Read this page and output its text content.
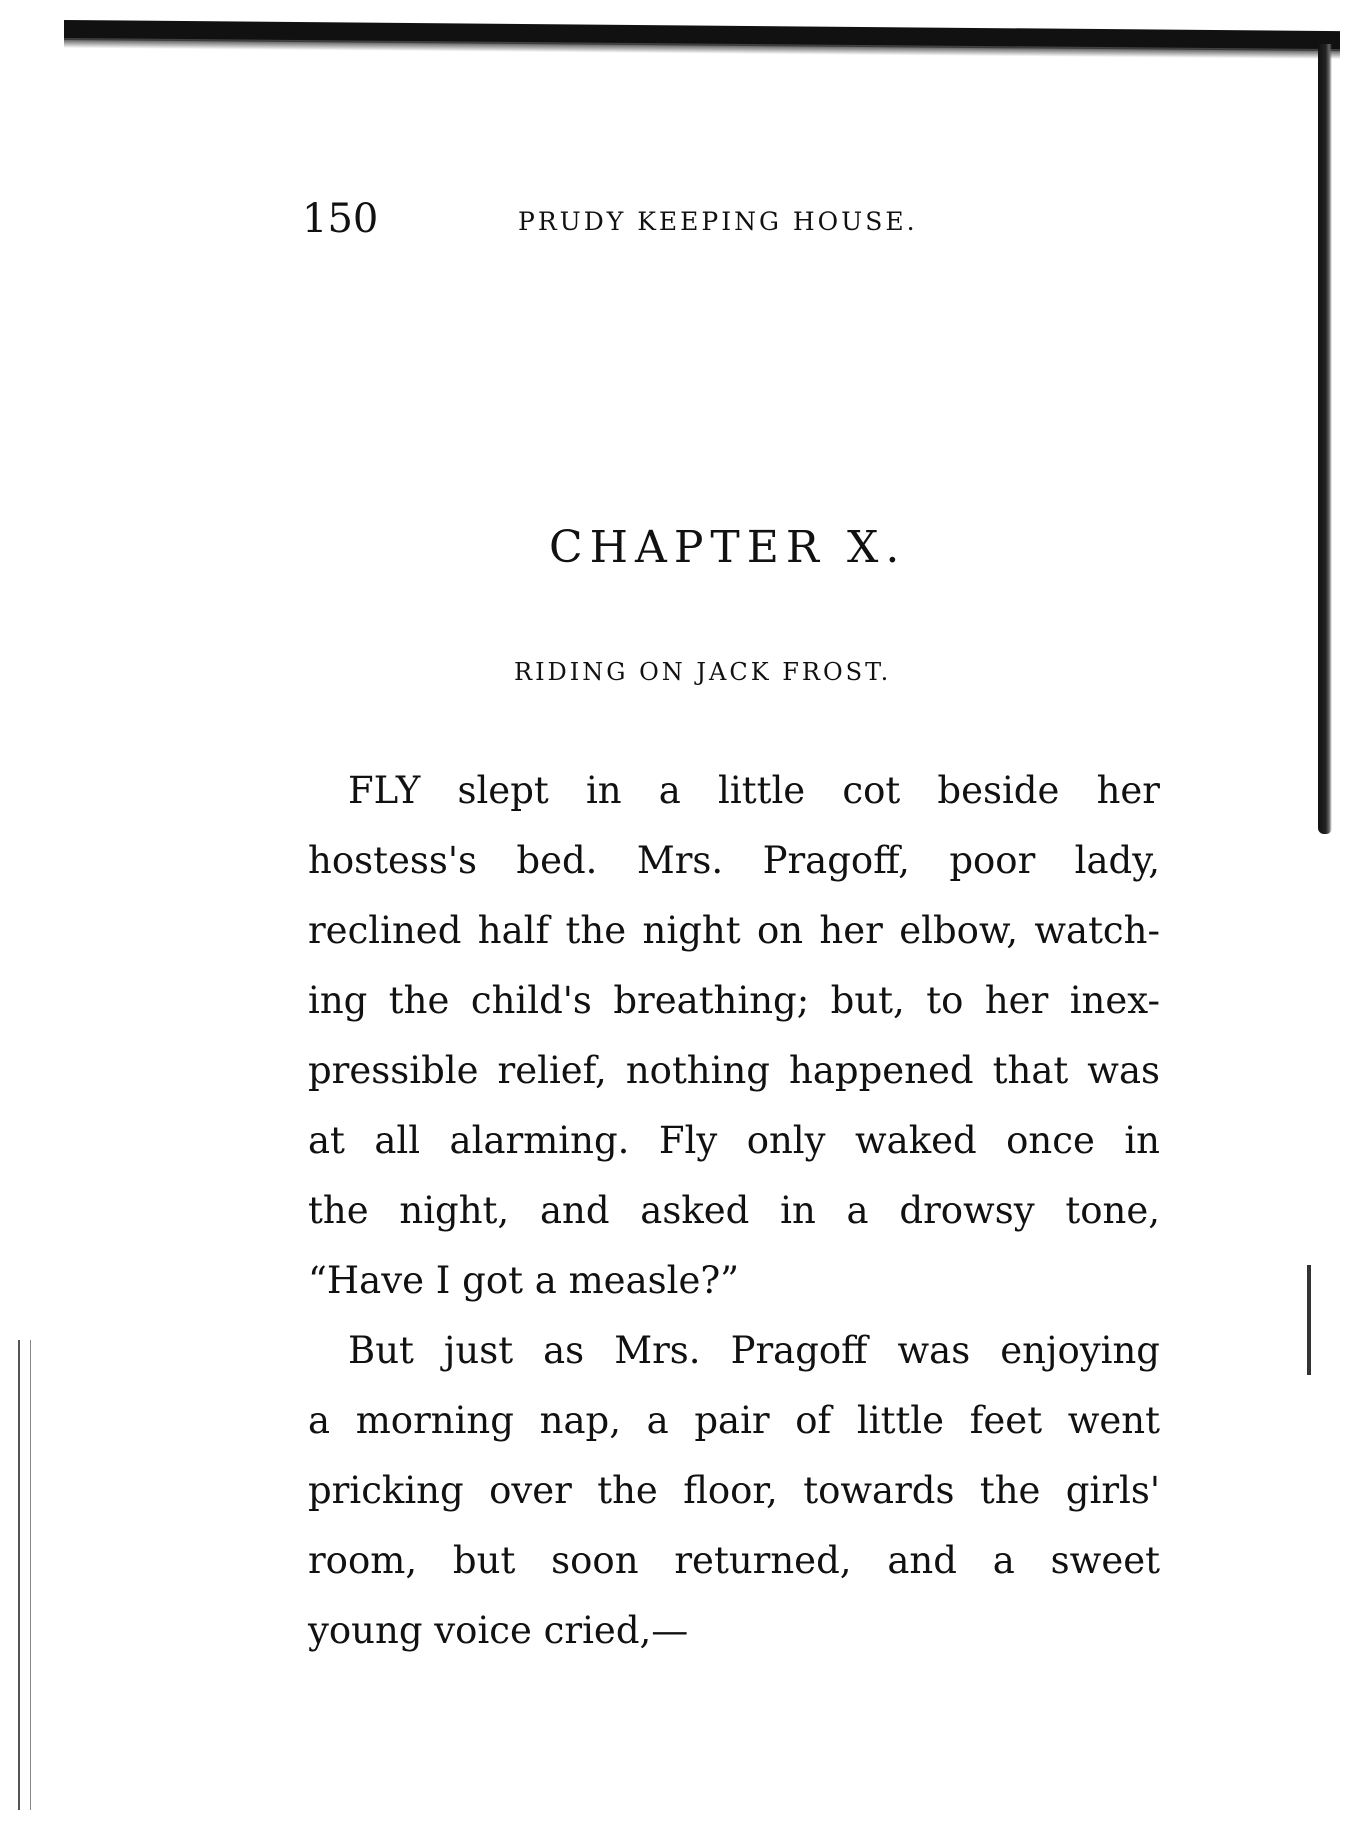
150	PRUDY KEEPING HOUSE.
CHAPTER X.
RIDING ON JACK FROST.
FLY slept in a little cot beside her
hostess's bed. Mrs. Pragoff, poor lady,
reclined half the night on her elbow, watch-
ing the child's breathing; but, to her inex-
pressible relief, nothing happened that was
at all alarming. Fly only waked once in
the night, and asked in a drowsy tone,
“Have I got a measle?”
But just as Mrs. Pragoff was enjoying
a morning nap, a pair of little feet went
pricking over the floor, towards the girls'
room, but soon returned, and a sweet
young voice cried,—
